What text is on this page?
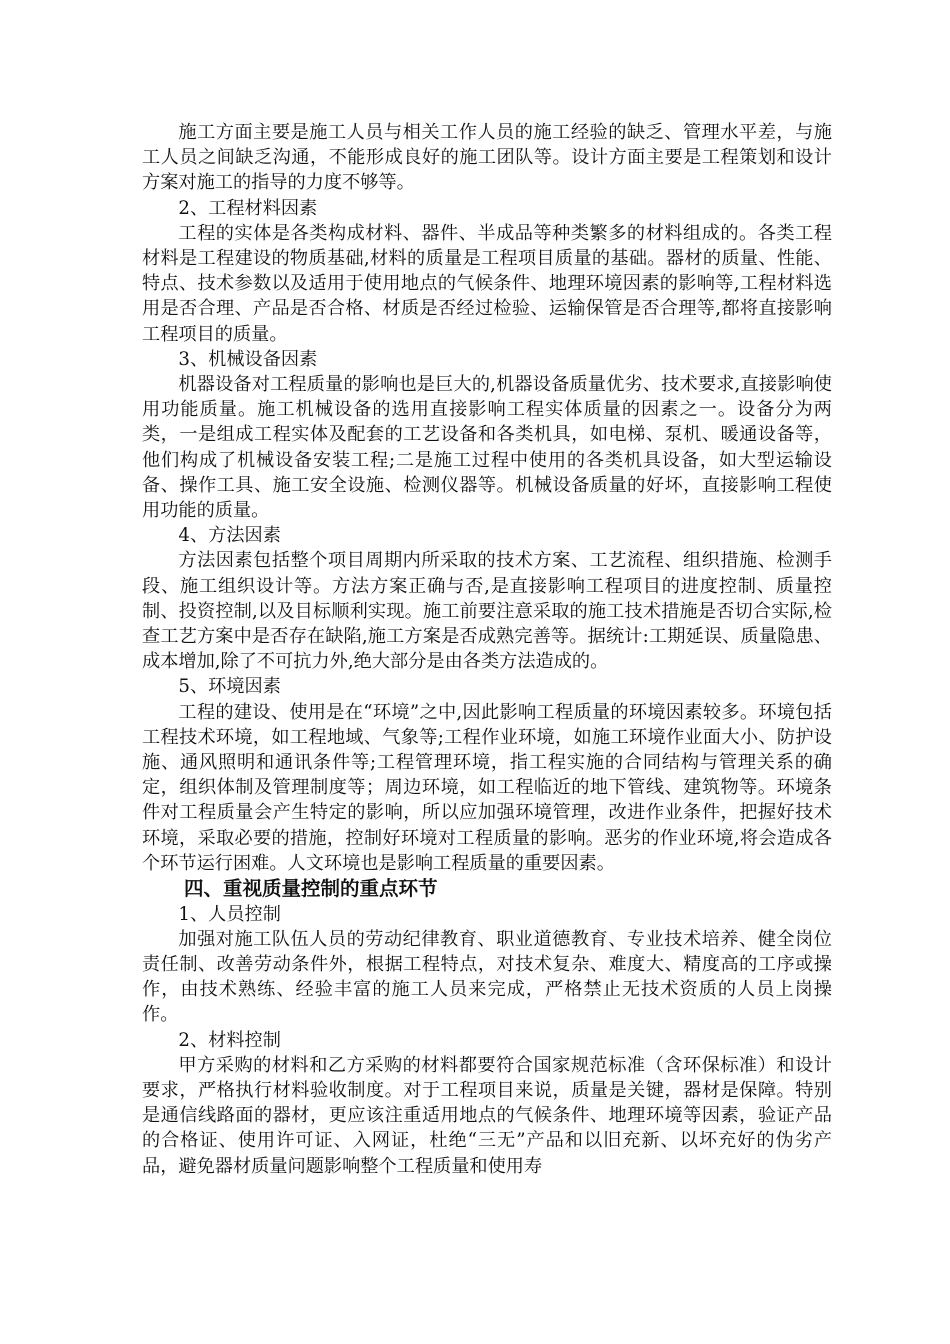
施工方面主要是施工人员与相关工作人员的施工经验的缺乏、管理水平差，与施工人员之间缺乏沟通，不能形成良好的施工团队等。设计方面主要是工程策划和设计方案对施工的指导的力度不够等。

2、工程材料因素

工程的实体是各类构成材料、器件、半成品等种类繁多的材料组成的。各类工程材料是工程建设的物质基础,材料的质量是工程项目质量的基础。器材的质量、性能、特点、技术参数以及适用于使用地点的气候条件、地理环境因素的影响等,工程材料选用是否合理、产品是否合格、材质是否经过检验、运输保管是否合理等,都将直接影响工程项目的质量。

3、机械设备因素

机器设备对工程质量的影响也是巨大的,机器设备质量优劣、技术要求,直接影响使用功能质量。施工机械设备的选用直接影响工程实体质量的因素之一。设备分为两类，一是组成工程实体及配套的工艺设备和各类机具，如电梯、泵机、暖通设备等，他们构成了机械设备安装工程;二是施工过程中使用的各类机具设备，如大型运输设备、操作工具、施工安全设施、检测仪器等。机械设备质量的好坏，直接影响工程使用功能的质量。

4、方法因素

方法因素包括整个项目周期内所采取的技术方案、工艺流程、组织措施、检测手段、施工组织设计等。方法方案正确与否,是直接影响工程项目的进度控制、质量控制、投资控制,以及目标顺利实现。施工前要注意采取的施工技术措施是否切合实际,检查工艺方案中是否存在缺陷,施工方案是否成熟完善等。据统计:工期延误、质量隐患、成本增加,除了不可抗力外,绝大部分是由各类方法造成的。

5、环境因素

工程的建设、使用是在“环境”之中,因此影响工程质量的环境因素较多。环境包括工程技术环境，如工程地域、气象等;工程作业环境，如施工环境作业面大小、防护设施、通风照明和通讯条件等;工程管理环境，指工程实施的合同结构与管理关系的确定，组织体制及管理制度等；周边环境，如工程临近的地下管线、建筑物等。环境条件对工程质量会产生特定的影响，所以应加强环境管理，改进作业条件，把握好技术环境，采取必要的措施，控制好环境对工程质量的影响。恶劣的作业环境,将会造成各个环节运行困难。人文环境也是影响工程质量的重要因素。

四、重视质量控制的重点环节

1、人员控制

加强对施工队伍人员的劳动纪律教育、职业道德教育、专业技术培养、健全岗位责任制、改善劳动条件外，根据工程特点，对技术复杂、难度大、精度高的工序或操作，由技术熟练、经验丰富的施工人员来完成，严格禁止无技术资质的人员上岗操作。

2、材料控制

甲方采购的材料和乙方采购的材料都要符合国家规范标准（含环保标准）和设计要求，严格执行材料验收制度。对于工程项目来说，质量是关键，器材是保障。特别是通信线路面的器材，更应该注重适用地点的气候条件、地理环境等因素，验证产品的合格证、使用许可证、入网证，杜绝“三无”产品和以旧充新、以坏充好的伪劣产品，避免器材质量问题影响整个工程质量和使用寿
